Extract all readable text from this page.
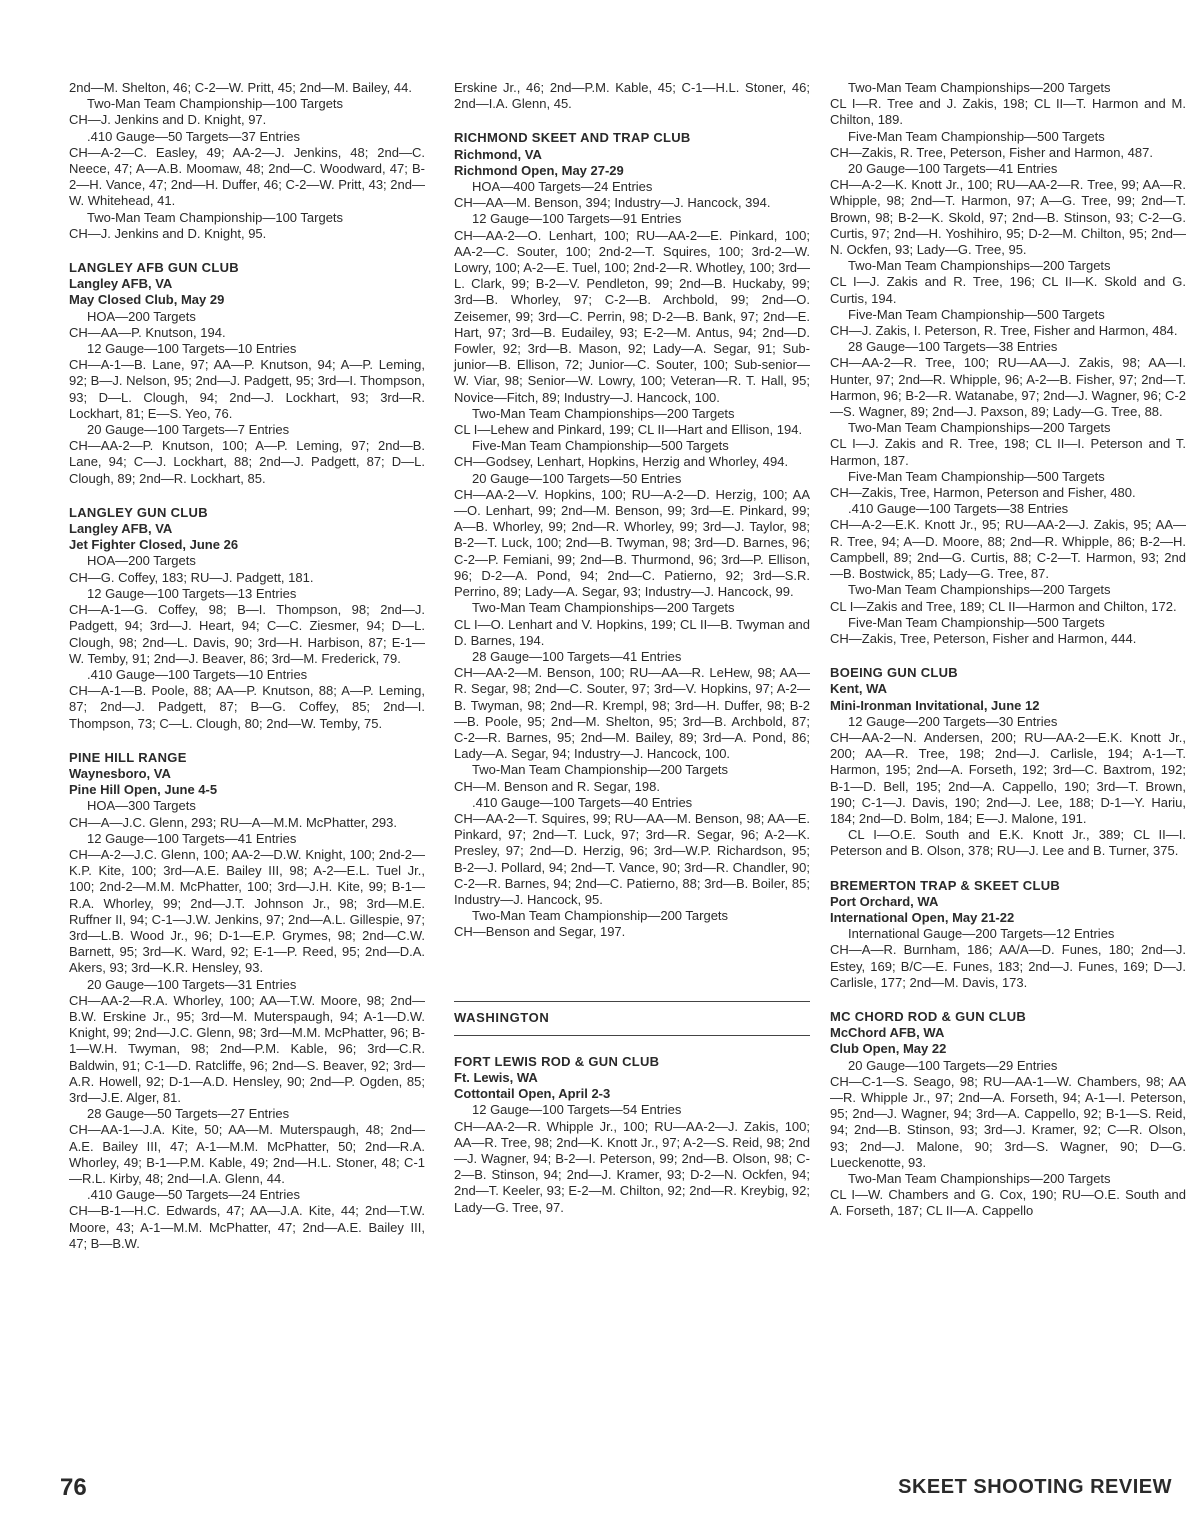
2nd—M. Shelton, 46; C-2—W. Pritt, 45; 2nd—M. Bailey, 44.

Two-Man Team Championship—100 Targets

CH—J. Jenkins and D. Knight, 97.

.410 Gauge—50 Targets—37 Entries

CH—A-2—C. Easley, 49; AA-2—J. Jenkins, 48; 2nd—C. Neece, 47; A—A.B. Moomaw, 48; 2nd—C. Woodward, 47; B-2—H. Vance, 47; 2nd—H. Duffer, 46; C-2—W. Pritt, 43; 2nd—W. Whitehead, 41.

Two-Man Team Championship—100 Targets

CH—J. Jenkins and D. Knight, 95.

LANGLEY AFB GUN CLUB

Langley AFB, VA

May Closed Club, May 29

HOA—200 Targets

CH—AA—P. Knutson, 194.

12 Gauge—100 Targets—10 Entries

CH—A-1—B. Lane, 97; AA—P. Knutson, 94; A—P. Leming, 92; B—J. Nelson, 95; 2nd—J. Padgett, 95; 3rd—I. Thompson, 93; D—L. Clough, 94; 2nd—J. Lockhart, 93; 3rd—R. Lockhart, 81; E—S. Yeo, 76.

20 Gauge—100 Targets—7 Entries

CH—AA-2—P. Knutson, 100; A—P. Leming, 97; 2nd—B. Lane, 94; C—J. Lockhart, 88; 2nd—J. Padgett, 87; D—L. Clough, 89; 2nd—R. Lockhart, 85.

LANGLEY GUN CLUB

Langley AFB, VA

Jet Fighter Closed, June 26

HOA—200 Targets

CH—G. Coffey, 183; RU—J. Padgett, 181.

12 Gauge—100 Targets—13 Entries

CH—A-1—G. Coffey, 98; B—I. Thompson, 98; 2nd—J. Padgett, 94; 3rd—J. Heart, 94; C—C. Ziesmer, 94; D—L. Clough, 98; 2nd—L. Davis, 90; 3rd—H. Harbison, 87; E-1—W. Temby, 91; 2nd—J. Beaver, 86; 3rd—M. Frederick, 79.

.410 Gauge—100 Targets—10 Entries

CH—A-1—B. Poole, 88; AA—P. Knutson, 88; A—P. Leming, 87; 2nd—J. Padgett, 87; B—G. Coffey, 85; 2nd—I. Thompson, 73; C—L. Clough, 80; 2nd—W. Temby, 75.

PINE HILL RANGE

Waynesboro, VA

Pine Hill Open, June 4-5

HOA—300 Targets

CH—A—J.C. Glenn, 293; RU—A—M.M. McPhatter, 293.

12 Gauge—100 Targets—41 Entries

CH—A-2—J.C. Glenn, 100; AA-2—D.W. Knight, 100; 2nd-2—K.P. Kite, 100; 3rd—A.E. Bailey III, 98; A-2—E.L. Tuel Jr., 100; 2nd-2—M.M. McPhatter, 100; 3rd—J.H. Kite, 99; B-1—R.A. Whorley, 99; 2nd—J.T. Johnson Jr., 98; 3rd—M.E. Ruffner II, 94; C-1—J.W. Jenkins, 97; 2nd—A.L. Gillespie, 97; 3rd—L.B. Wood Jr., 96; D-1—E.P. Grymes, 98; 2nd—C.W. Barnett, 95; 3rd—K. Ward, 92; E-1—P. Reed, 95; 2nd—D.A. Akers, 93; 3rd—K.R. Hensley, 93.

20 Gauge—100 Targets—31 Entries

CH—AA-2—R.A. Whorley, 100; AA—T.W. Moore, 98; 2nd—B.W. Erskine Jr., 95; 3rd—M. Muterspaugh, 94; A-1—D.W. Knight, 99; 2nd—J.C. Glenn, 98; 3rd—M.M. McPhatter, 96; B-1—W.H. Twyman, 98; 2nd—P.M. Kable, 96; 3rd—C.R. Baldwin, 91; C-1—D. Ratcliffe, 96; 2nd—S. Beaver, 92; 3rd—A.R. Howell, 92; D-1—A.D. Hensley, 90; 2nd—P. Ogden, 85; 3rd—J.E. Alger, 81.

28 Gauge—50 Targets—27 Entries

CH—AA-1—J.A. Kite, 50; AA—M. Muterspaugh, 48; 2nd—A.E. Bailey III, 47; A-1—M.M. McPhatter, 50; 2nd—R.A. Whorley, 49; B-1—P.M. Kable, 49; 2nd—H.L. Stoner, 48; C-1—R.L. Kirby, 48; 2nd—I.A. Glenn, 44.

.410 Gauge—50 Targets—24 Entries

CH—B-1—H.C. Edwards, 47; AA—J.A. Kite, 44; 2nd—T.W. Moore, 43; A-1—M.M. McPhatter, 47; 2nd—A.E. Bailey III, 47; B—B.W.

Erskine Jr., 46; 2nd—P.M. Kable, 45; C-1—H.L. Stoner, 46; 2nd—I.A. Glenn, 45.

RICHMOND SKEET AND TRAP CLUB

Richmond, VA

Richmond Open, May 27-29

HOA—400 Targets—24 Entries

CH—AA—M. Benson, 394; Industry—J. Hancock, 394.

12 Gauge—100 Targets—91 Entries

CH—AA-2—O. Lenhart, 100; RU—AA-2—E. Pinkard, 100; AA-2—C. Souter, 100; 2nd-2—T. Squires, 100; 3rd-2—W. Lowry, 100; A-2—E. Tuel, 100; 2nd-2—R. Whotley, 100; 3rd—L. Clark, 99; B-2—V. Pendleton, 99; 2nd—B. Huckaby, 99; 3rd—B. Whorley, 97; C-2—B. Archbold, 99; 2nd—O. Zeisemer, 99; 3rd—C. Perrin, 98; D-2—B. Bank, 97; 2nd—E. Hart, 97; 3rd—B. Eudailey, 93; E-2—M. Antus, 94; 2nd—D. Fowler, 92; 3rd—B. Mason, 92; Lady—A. Segar, 91; Sub-junior—B. Ellison, 72; Junior—C. Souter, 100; Sub-senior—W. Viar, 98; Senior—W. Lowry, 100; Veteran—R. T. Hall, 95; Novice—Fitch, 89; Industry—J. Hancock, 100.

Two-Man Team Championships—200 Targets

CL I—Lehew and Pinkard, 199; CL II—Hart and Ellison, 194.

Five-Man Team Championship—500 Targets

CH—Godsey, Lenhart, Hopkins, Herzig and Whorley, 494.

20 Gauge—100 Targets—50 Entries

CH—AA-2—V. Hopkins, 100; RU—A-2—D. Herzig, 100; AA—O. Lenhart, 99; 2nd—M. Benson, 99; 3rd—E. Pinkard, 99; A—B. Whorley, 99; 2nd—R. Whorley, 99; 3rd—J. Taylor, 98; B-2—T. Luck, 100; 2nd—B. Twyman, 98; 3rd—D. Barnes, 96; C-2—P. Femiani, 99; 2nd—B. Thurmond, 96; 3rd—P. Ellison, 96; D-2—A. Pond, 94; 2nd—C. Patierno, 92; 3rd—S.R. Perrino, 89; Lady—A. Segar, 93; Industry—J. Hancock, 99.

Two-Man Team Championships—200 Targets

CL I—O. Lenhart and V. Hopkins, 199; CL II—B. Twyman and D. Barnes, 194.

28 Gauge—100 Targets—41 Entries

CH—AA-2—M. Benson, 100; RU—AA—R. LeHew, 98; AA—R. Segar, 98; 2nd—C. Souter, 97; 3rd—V. Hopkins, 97; A-2—B. Twyman, 98; 2nd—R. Krempl, 98; 3rd—H. Duffer, 98; B-2—B. Poole, 95; 2nd—M. Shelton, 95; 3rd—B. Archbold, 87; C-2—R. Barnes, 95; 2nd—M. Bailey, 89; 3rd—A. Pond, 86; Lady—A. Segar, 94; Industry—J. Hancock, 100.

Two-Man Team Championship—200 Targets

CH—M. Benson and R. Segar, 198.

.410 Gauge—100 Targets—40 Entries

CH—AA-2—T. Squires, 99; RU—AA—M. Benson, 98; AA—E. Pinkard, 97; 2nd—T. Luck, 97; 3rd—R. Segar, 96; A-2—K. Presley, 97; 2nd—D. Herzig, 96; 3rd—W.P. Richardson, 95; B-2—J. Pollard, 94; 2nd—T. Vance, 90; 3rd—R. Chandler, 90; C-2—R. Barnes, 94; 2nd—C. Patierno, 88; 3rd—B. Boiler, 85; Industry—J. Hancock, 95.

Two-Man Team Championship—200 Targets

CH—Benson and Segar, 197.

WASHINGTON

FORT LEWIS ROD & GUN CLUB

Ft. Lewis, WA

Cottontail Open, April 2-3

12 Gauge—100 Targets—54 Entries

CH—AA-2—R. Whipple Jr., 100; RU—AA-2—J. Zakis, 100; AA—R. Tree, 98; 2nd—K. Knott Jr., 97; A-2—S. Reid, 98; 2nd—J. Wagner, 94; B-2—I. Peterson, 99; 2nd—B. Olson, 98; C-2—B. Stinson, 94; 2nd—J. Kramer, 93; D-2—N. Ockfen, 94; 2nd—T. Keeler, 93; E-2—M. Chilton, 92; 2nd—R. Kreybig, 92; Lady—G. Tree, 97.

Two-Man Team Championships—200 Targets

CL I—R. Tree and J. Zakis, 198; CL II—T. Harmon and M. Chilton, 189.

Five-Man Team Championship—500 Targets

CH—Zakis, R. Tree, Peterson, Fisher and Harmon, 487.

20 Gauge—100 Targets—41 Entries

CH—A-2—K. Knott Jr., 100; RU—AA-2—R. Tree, 99; AA—R. Whipple, 98; 2nd—T. Harmon, 97; A—G. Tree, 99; 2nd—T. Brown, 98; B-2—K. Skold, 97; 2nd—B. Stinson, 93; C-2—G. Curtis, 97; 2nd—H. Yoshihiro, 95; D-2—M. Chilton, 95; 2nd—N. Ockfen, 93; Lady—G. Tree, 95.

Two-Man Team Championships—200 Targets

CL I—J. Zakis and R. Tree, 196; CL II—K. Skold and G. Curtis, 194.

Five-Man Team Championship—500 Targets

CH—J. Zakis, I. Peterson, R. Tree, Fisher and Harmon, 484.

28 Gauge—100 Targets—38 Entries

CH—AA-2—R. Tree, 100; RU—AA—J. Zakis, 98; AA—I. Hunter, 97; 2nd—R. Whipple, 96; A-2—B. Fisher, 97; 2nd—T. Harmon, 96; B-2—R. Watanabe, 97; 2nd—J. Wagner, 96; C-2—S. Wagner, 89; 2nd—J. Paxson, 89; Lady—G. Tree, 88.

Two-Man Team Championships—200 Targets

CL I—J. Zakis and R. Tree, 198; CL II—I. Peterson and T. Harmon, 187.

Five-Man Team Championship—500 Targets

CH—Zakis, Tree, Harmon, Peterson and Fisher, 480.

.410 Gauge—100 Targets—38 Entries

CH—A-2—E.K. Knott Jr., 95; RU—AA-2—J. Zakis, 95; AA—R. Tree, 94; A—D. Moore, 88; 2nd—R. Whipple, 86; B-2—H. Campbell, 89; 2nd—G. Curtis, 88; C-2—T. Harmon, 93; 2nd—B. Bostwick, 85; Lady—G. Tree, 87.

Two-Man Team Championships—200 Targets

CL I—Zakis and Tree, 189; CL II—Harmon and Chilton, 172.

Five-Man Team Championship—500 Targets

CH—Zakis, Tree, Peterson, Fisher and Harmon, 444.

BOEING GUN CLUB

Kent, WA

Mini-Ironman Invitational, June 12

12 Gauge—200 Targets—30 Entries

CH—AA-2—N. Andersen, 200; RU—AA-2—E.K. Knott Jr., 200; AA—R. Tree, 198; 2nd—J. Carlisle, 194; A-1—T. Harmon, 195; 2nd—A. Forseth, 192; 3rd—C. Baxtrom, 192; B-1—D. Bell, 195; 2nd—A. Cappello, 190; 3rd—T. Brown, 190; C-1—J. Davis, 190; 2nd—J. Lee, 188; D-1—Y. Hariu, 184; 2nd—D. Bolm, 184; E—J. Malone, 191.

CL I—O.E. South and E.K. Knott Jr., 389; CL II—I. Peterson and B. Olson, 378; RU—J. Lee and B. Turner, 375.

BREMERTON TRAP & SKEET CLUB

Port Orchard, WA

International Open, May 21-22

International Gauge—200 Targets—12 Entries

CH—A—R. Burnham, 186; AA/A—D. Funes, 180; 2nd—J. Estey, 169; B/C—E. Funes, 183; 2nd—J. Funes, 169; D—J. Carlisle, 177; 2nd—M. Davis, 173.

MC CHORD ROD & GUN CLUB

McChord AFB, WA

Club Open, May 22

20 Gauge—100 Targets—29 Entries

CH—C-1—S. Seago, 98; RU—AA-1—W. Chambers, 98; AA—R. Whipple Jr., 97; 2nd—A. Forseth, 94; A-1—I. Peterson, 95; 2nd—J. Wagner, 94; 3rd—A. Cappello, 92; B-1—S. Reid, 94; 2nd—B. Stinson, 93; 3rd—J. Kramer, 92; C—R. Olson, 93; 2nd—J. Malone, 90; 3rd—S. Wagner, 90; D—G. Lueckenotte, 93.

Two-Man Team Championships—200 Targets

CL I—W. Chambers and G. Cox, 190; RU—O.E. South and A. Forseth, 187; CL II—A. Cappello

76	SKEET SHOOTING REVIEW
